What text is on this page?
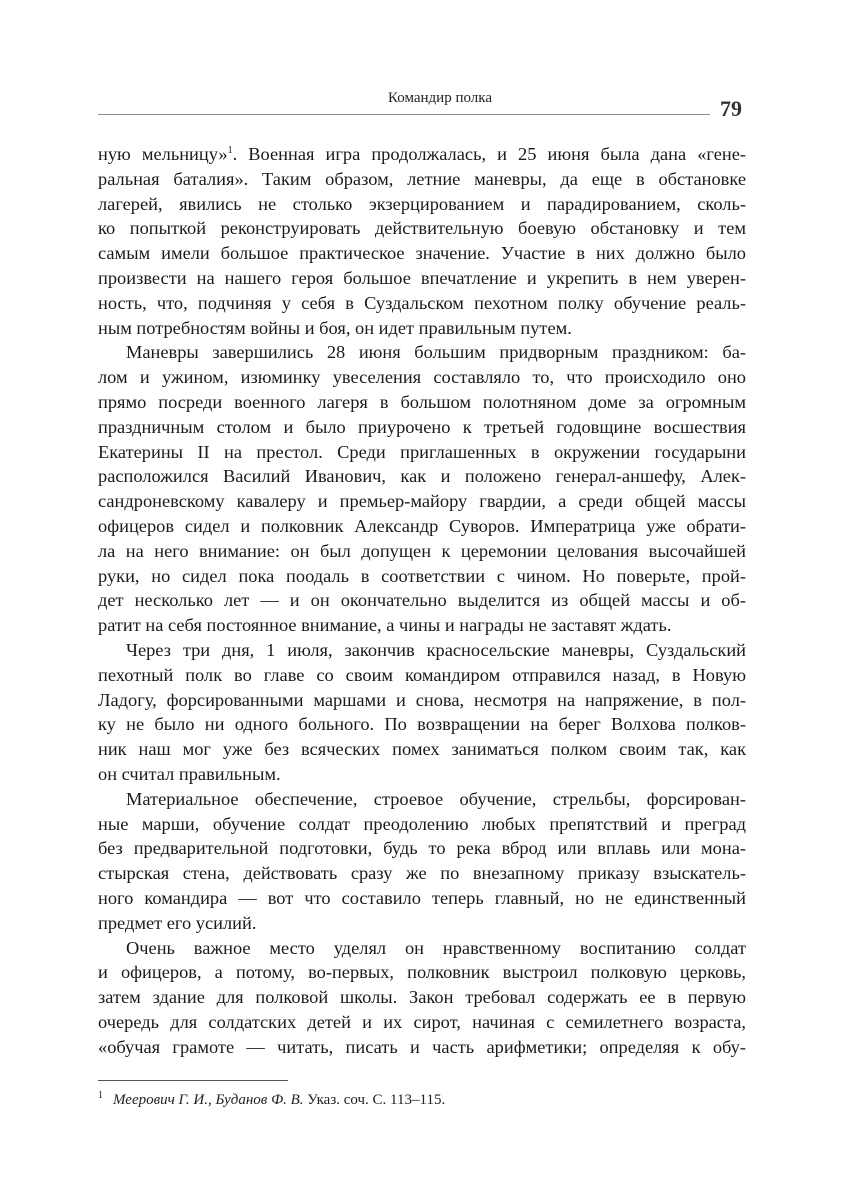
Командир полка	79
ную мельницу»$^1$. Военная игра продолжалась, и 25 июня была дана «гене-
ральная баталия». Таким образом, летние маневры, да еще в обстановке
лагерей, явились не столько экзерцированием и парадированием, сколь-
ко попыткой реконструировать действительную боевую обстановку и тем
самым имели большое практическое значение. Участие в них должно было
произвести на нашего героя большое впечатление и укрепить в нем уверен-
ность, что, подчиняя у себя в Суздальском пехотном полку обучение реаль-
ным потребностям войны и боя, он идет правильным путем.
Маневры завершились 28 июня большим придворным праздником: ба-
лом и ужином, изюминку увеселения составляло то, что происходило оно
прямо посреди военного лагеря в большом полотняном доме за огромным
праздничным столом и было приурочено к третьей годовщине восшествия
Екатерины II на престол. Среди приглашенных в окружении государыни
расположился Василий Иванович, как и положено генерал-аншефу, Алек-
сандроневскому кавалеру и премьер-майору гвардии, а среди общей массы
офицеров сидел и полковник Александр Суворов. Императрица уже обрати-
ла на него внимание: он был допущен к церемонии целования высочайшей
руки, но сидел пока поодаль в соответствии с чином. Но поверьте, прой-
дет несколько лет — и он окончательно выделится из общей массы и об-
ратит на себя постоянное внимание, а чины и награды не заставят ждать.
Через три дня, 1 июля, закончив красносельские маневры, Суздальский
пехотный полк во главе со своим командиром отправился назад, в Новую
Ладогу, форсированными маршами и снова, несмотря на напряжение, в пол-
ку не было ни одного больного. По возвращении на берег Волхова полков-
ник наш мог уже без всяческих помех заниматься полком своим так, как
он считал правильным.
Материальное обеспечение, строевое обучение, стрельбы, форсирован-
ные марши, обучение солдат преодолению любых препятствий и преград
без предварительной подготовки, будь то река вброд или вплавь или мона-
стырская стена, действовать сразу же по внезапному приказу взыскатель-
ного командира — вот что составило теперь главный, но не единственный
предмет его усилий.
Очень важное место уделял он нравственному воспитанию солдат
и офицеров, а потому, во-первых, полковник выстроил полковую церковь,
затем здание для полковой школы. Закон требовал содержать ее в первую
очередь для солдатских детей и их сирот, начиная с семилетнего возраста,
«обучая грамоте — читать, писать и часть арифметики; определяя к обу-
$^1$ Меерович Г. И., Буданов Ф. В. Указ. соч. С. 113–115.
